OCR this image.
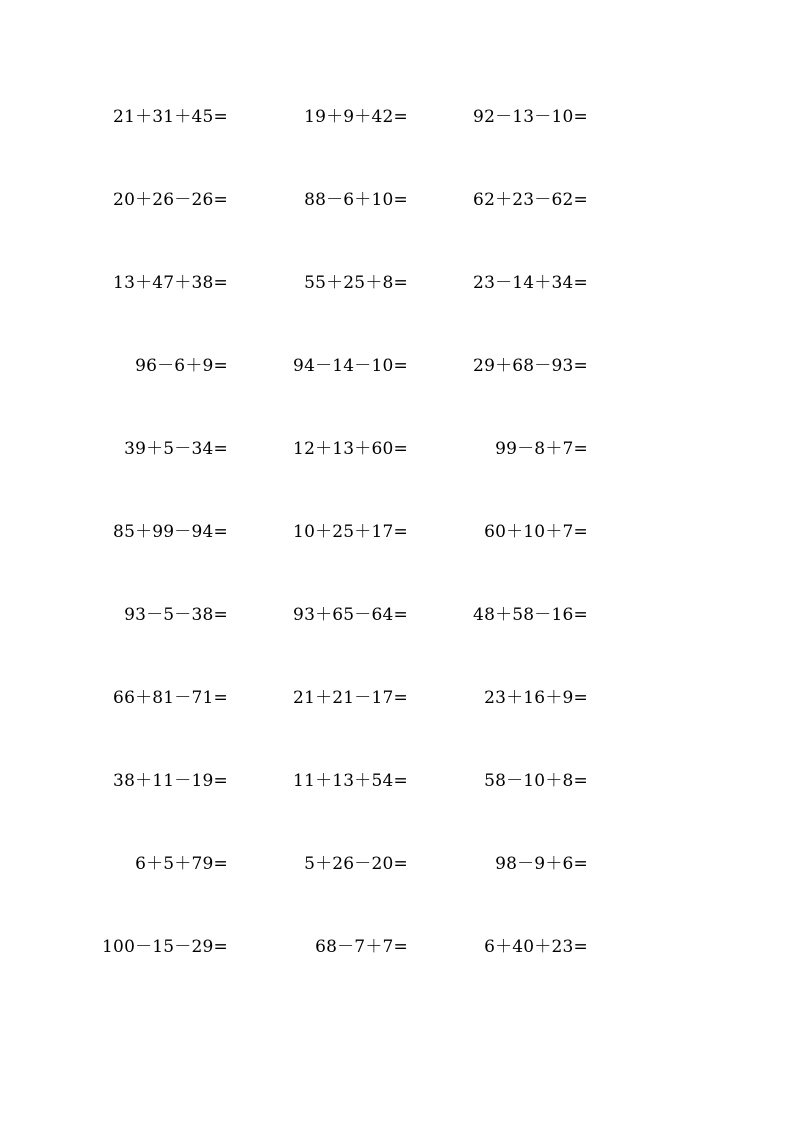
21＋31＋45=	19＋9＋42=	92－13－10=
20＋26－26=	88－6＋10=	62＋23－62=
13＋47＋38=	55＋25＋8=	23－14＋34=
96－6＋9=	94－14－10=	29＋68－93=
39＋5－34=	12＋13＋60=	99－8＋7=
85＋99－94=	10＋25＋17=	60＋10＋7=
93－5－38=	93＋65－64=	48＋58－16=
66＋81－71=	21＋21－17=	23＋16＋9=
38＋11－19=	11＋13＋54=	58－10＋8=
6＋5＋79=	5＋26－20=	98－9＋6=
100－15－29=	68－7＋7=	6＋40＋23=
